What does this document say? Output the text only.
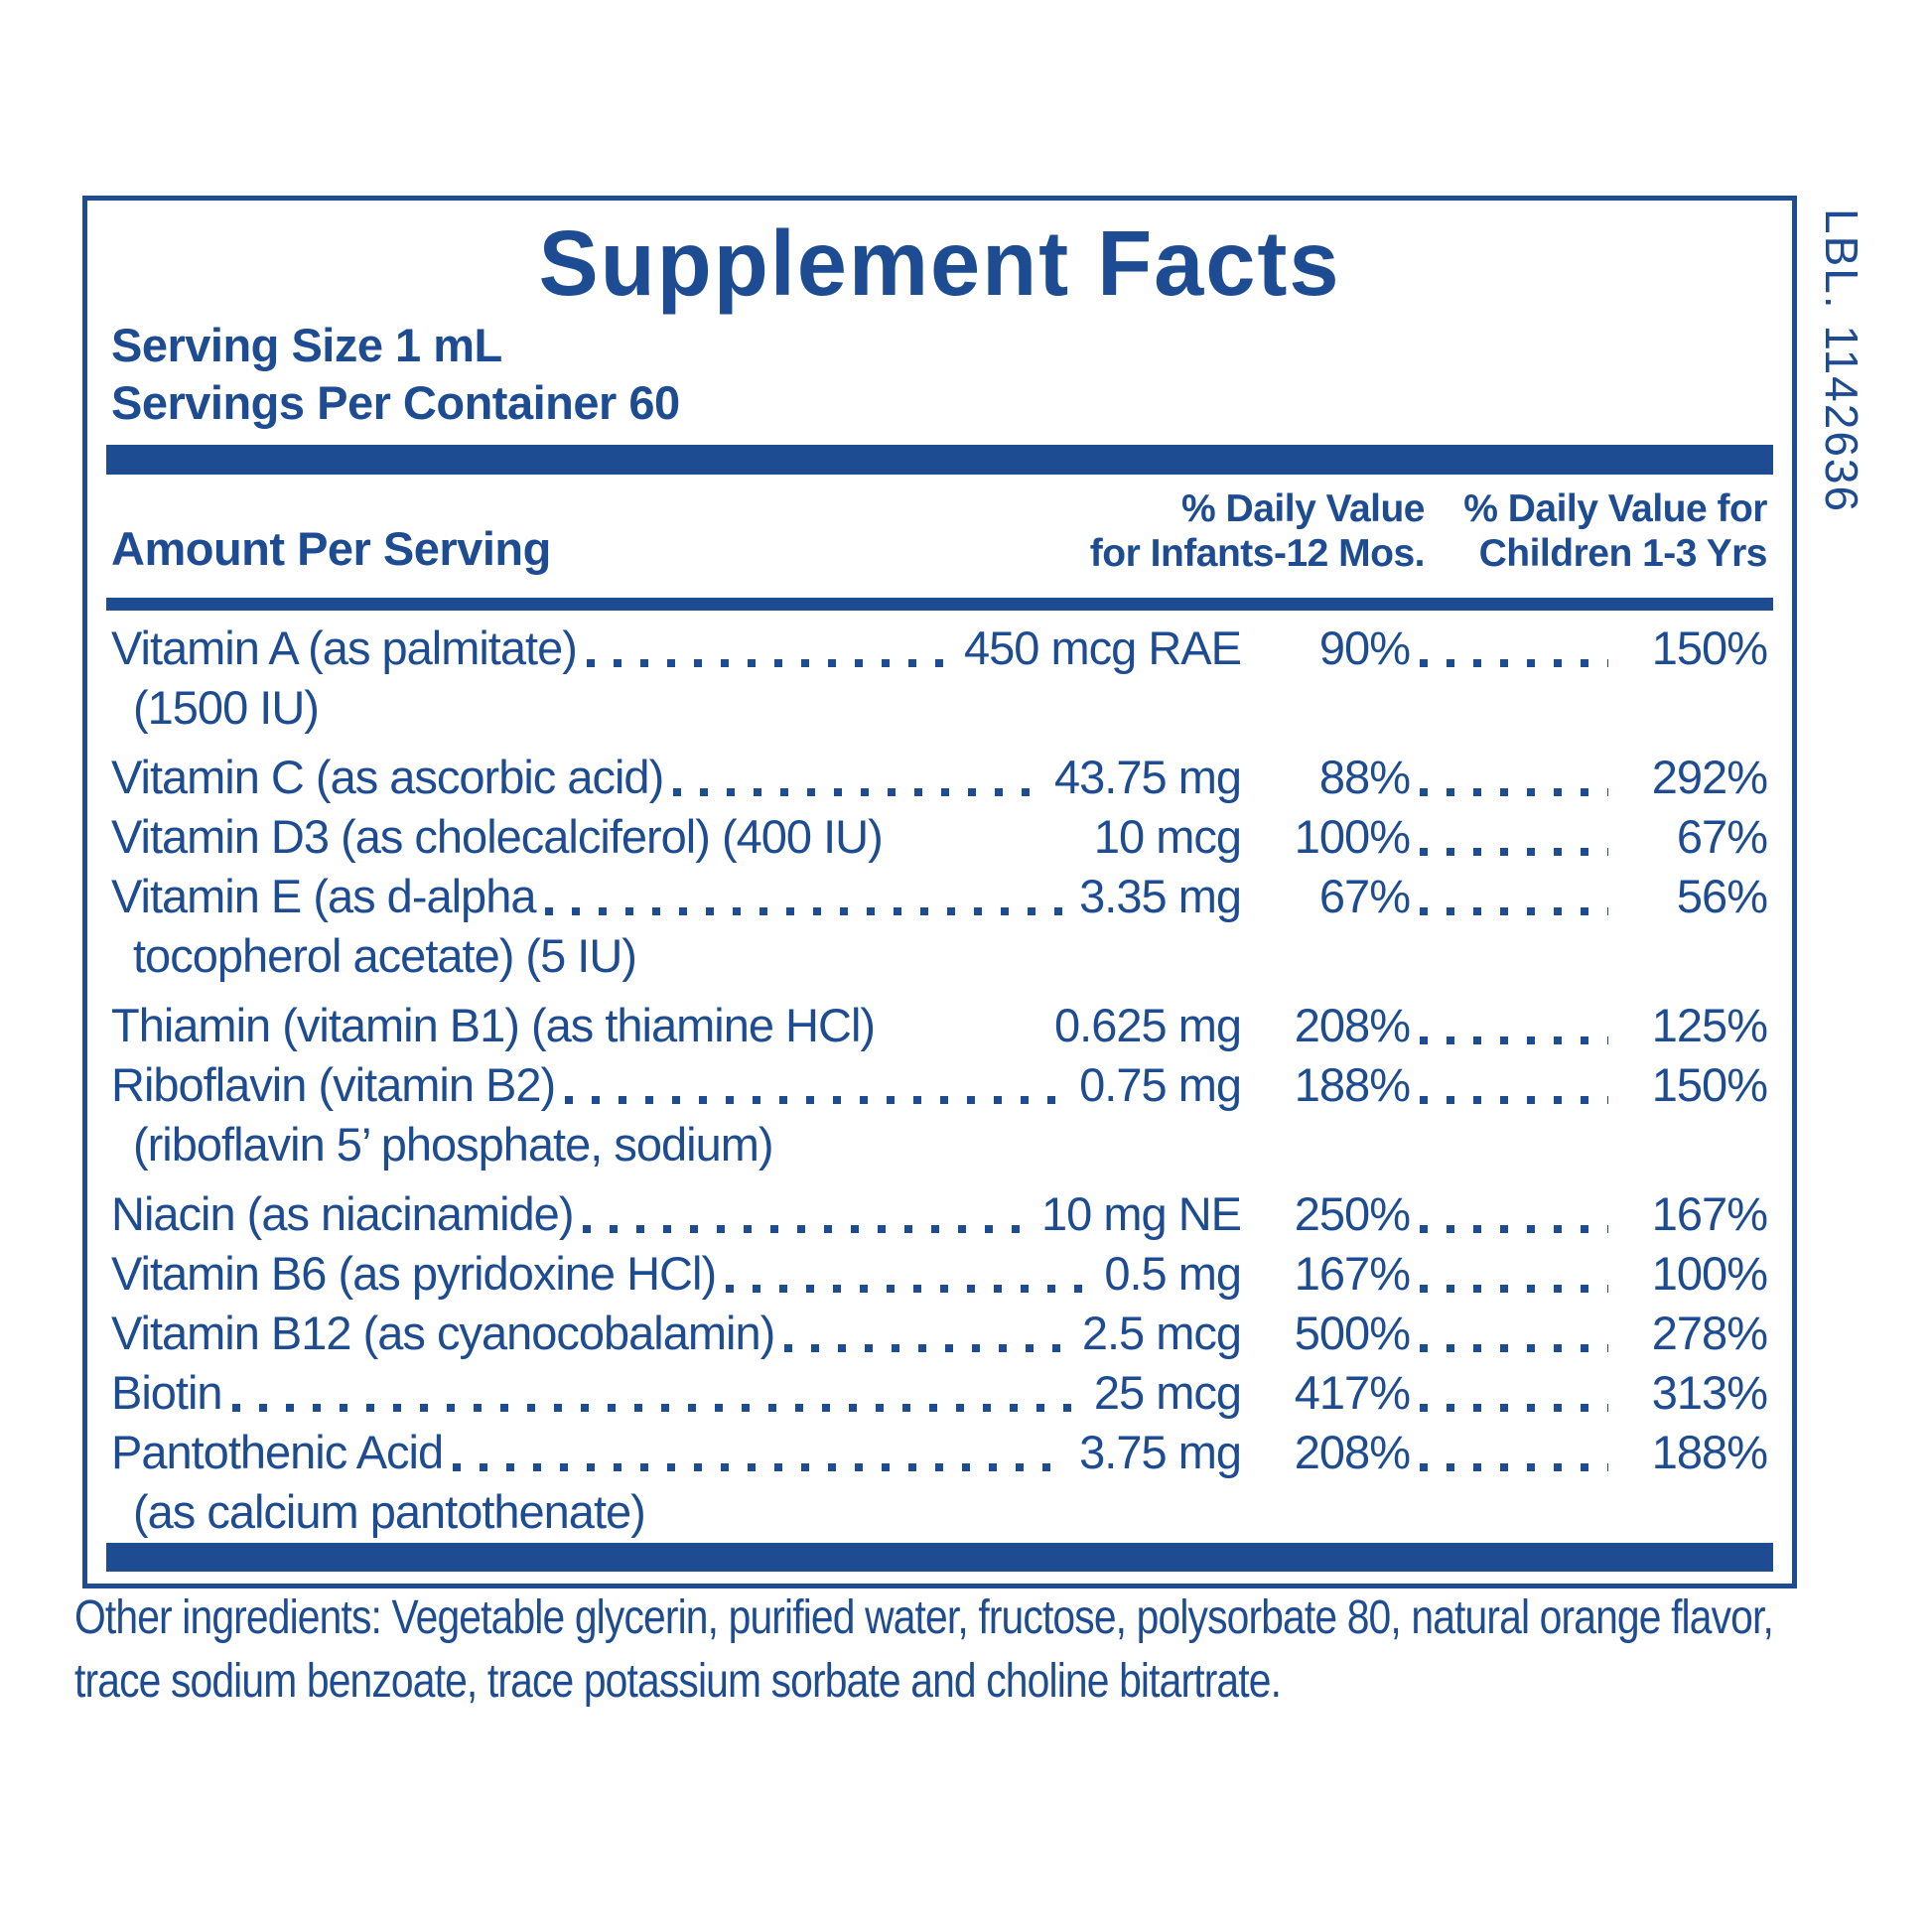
Supplement Facts
Serving Size 1 mL
Servings Per Container 60
Amount Per Serving
% Daily Value
for Infants-12 Mos.
% Daily Value for
Children 1-3 Yrs
Vitamin A (as palmitate)	450 mcg RAE	90%	150%
(1500 IU)
Vitamin C (as ascorbic acid)	43.75 mg	88%	292%
Vitamin D3 (as cholecalciferol) (400 IU)	10 mcg	100%	67%
Vitamin E (as d-alpha	3.35 mg	67%	56%
tocopherol acetate) (5 IU)
Thiamin (vitamin B1) (as thiamine HCl)	0.625 mg	208%	125%
Riboflavin (vitamin B2)	0.75 mg	188%	150%
(riboflavin 5’ phosphate, sodium)
Niacin (as niacinamide)	10 mg NE	250%	167%
Vitamin B6 (as pyridoxine HCl)	0.5 mg	167%	100%
Vitamin B12 (as cyanocobalamin)	2.5 mcg	500%	278%
Biotin	25 mcg	417%	313%
Pantothenic Acid	3.75 mg	208%	188%
(as calcium pantothenate)
Other ingredients: Vegetable glycerin, purified water, fructose, polysorbate 80, natural orange flavor, trace sodium benzoate, trace potassium sorbate and choline bitartrate.
LBL. 1142636
